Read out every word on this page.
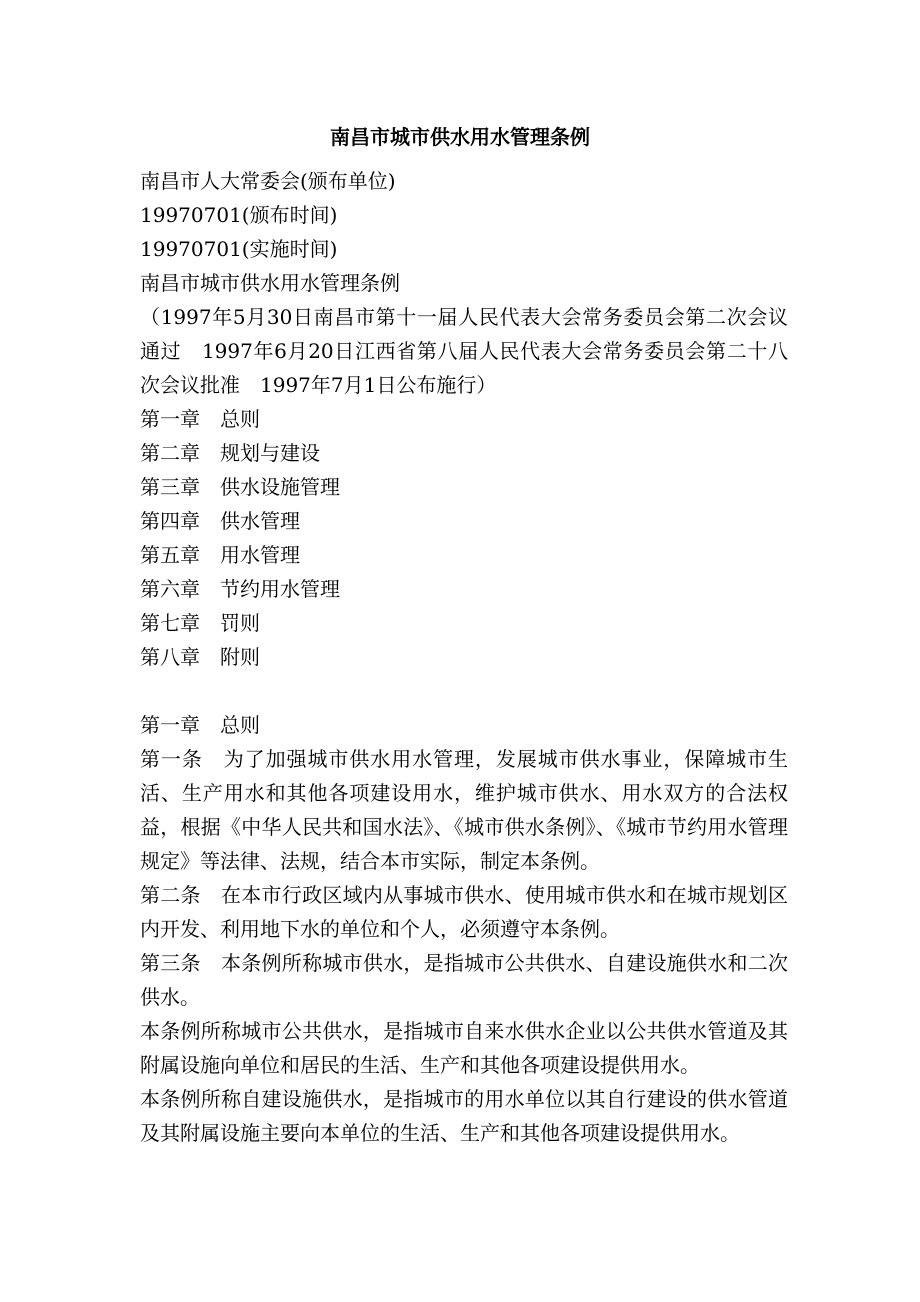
南昌市城市供水用水管理条例
南昌市人大常委会(颁布单位)
19970701(颁布时间)
19970701(实施时间)
南昌市城市供水用水管理条例
（1997年5月30日南昌市第十一届人民代表大会常务委员会第二次会议通过　1997年6月20日江西省第八届人民代表大会常务委员会第二十八次会议批准　1997年7月1日公布施行）
第一章　总则
第二章　规划与建设
第三章　供水设施管理
第四章　供水管理
第五章　用水管理
第六章　节约用水管理
第七章　罚则
第八章　附则
第一章　总则
第一条　为了加强城市供水用水管理，发展城市供水事业，保障城市生活、生产用水和其他各项建设用水，维护城市供水、用水双方的合法权益，根据《中华人民共和国水法》、《城市供水条例》、《城市节约用水管理规定》等法律、法规，结合本市实际，制定本条例。
第二条　在本市行政区域内从事城市供水、使用城市供水和在城市规划区内开发、利用地下水的单位和个人，必须遵守本条例。
第三条　本条例所称城市供水，是指城市公共供水、自建设施供水和二次供水。
本条例所称城市公共供水，是指城市自来水供水企业以公共供水管道及其附属设施向单位和居民的生活、生产和其他各项建设提供用水。
本条例所称自建设施供水，是指城市的用水单位以其自行建设的供水管道及其附属设施主要向本单位的生活、生产和其他各项建设提供用水。
